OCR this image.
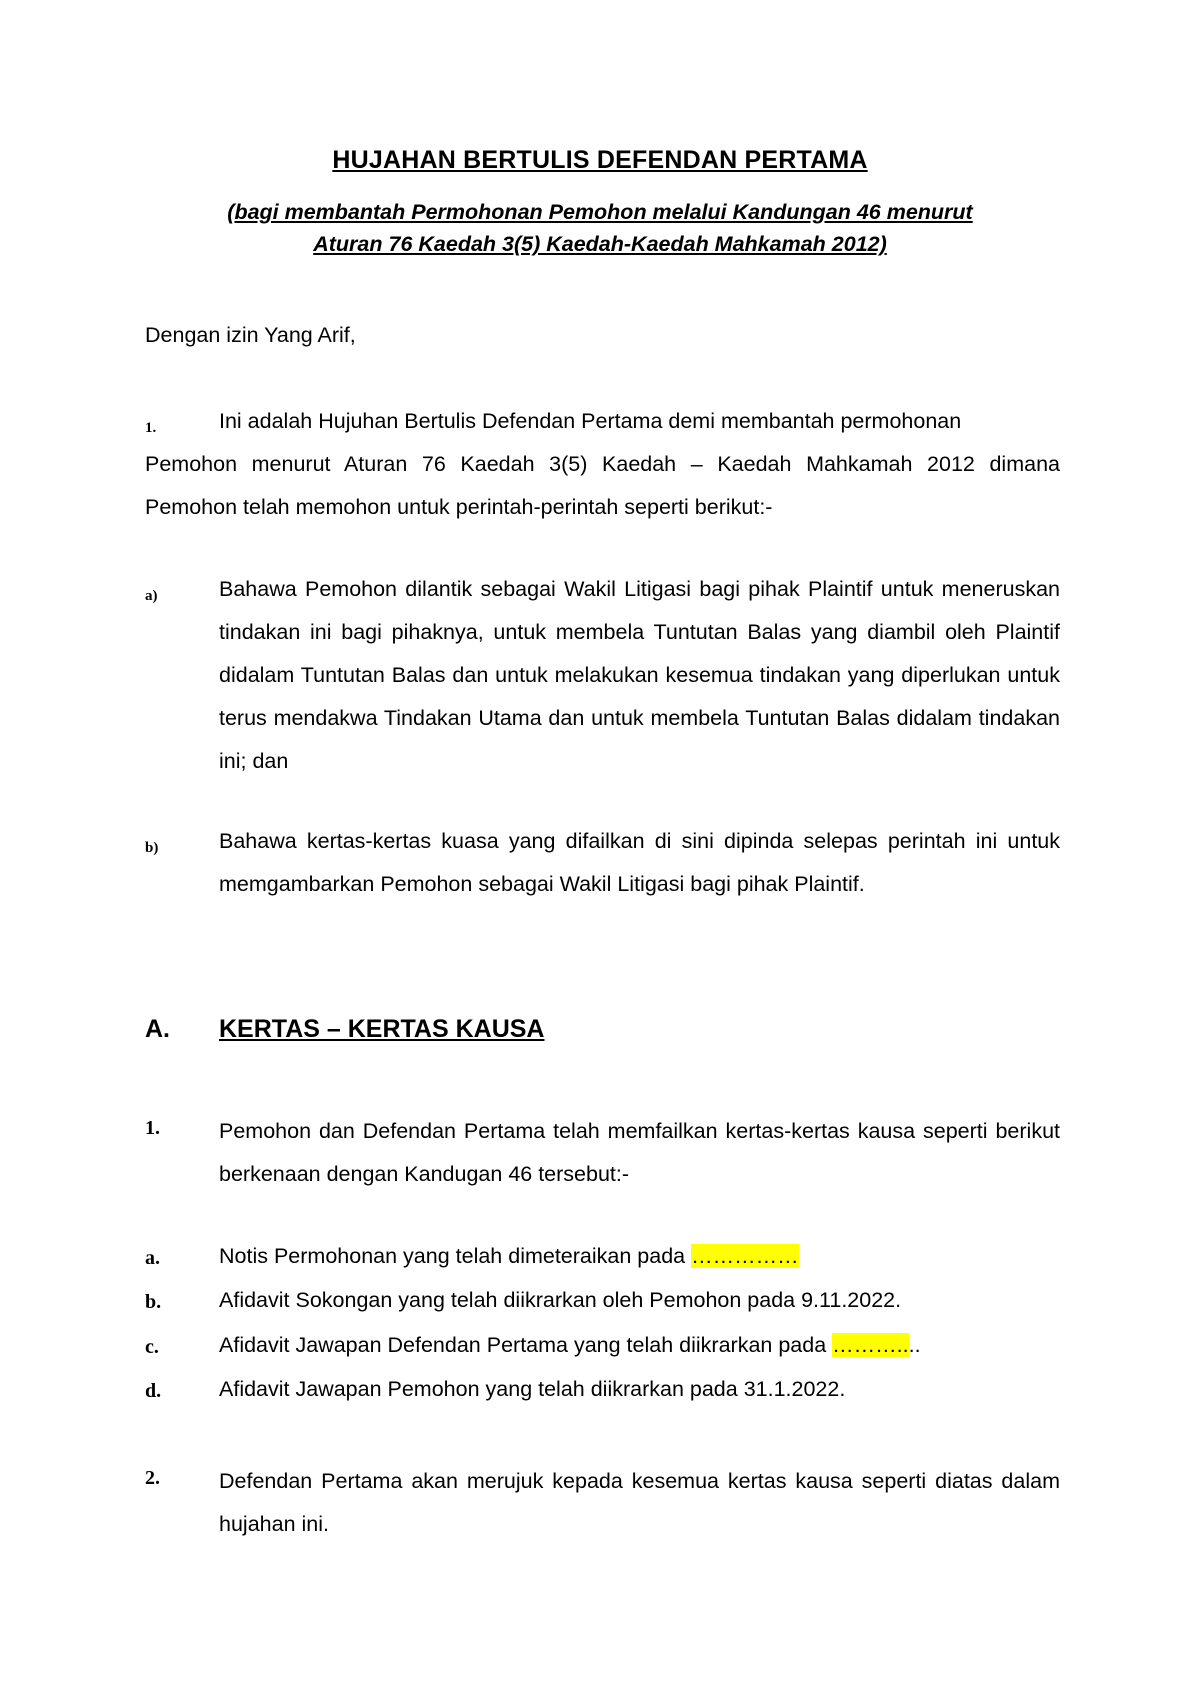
HUJAHAN BERTULIS DEFENDAN PERTAMA
(bagi membantah Permohonan Pemohon melalui Kandungan 46 menurut
Aturan 76 Kaedah 3(5) Kaedah-Kaedah Mahkamah 2012)
Dengan izin Yang Arif,
1.	Ini adalah Hujuhan Bertulis Defendan Pertama demi membantah permohonan
Pemohon menurut Aturan 76 Kaedah 3(5) Kaedah – Kaedah Mahkamah 2012 dimana Pemohon telah memohon untuk perintah-perintah seperti berikut:-
a)	Bahawa Pemohon dilantik sebagai Wakil Litigasi bagi pihak Plaintif untuk meneruskan tindakan ini bagi pihaknya, untuk membela Tuntutan Balas yang diambil oleh Plaintif didalam Tuntutan Balas dan untuk melakukan kesemua tindakan yang diperlukan untuk terus mendakwa Tindakan Utama dan untuk membela Tuntutan Balas didalam tindakan ini; dan
b)	Bahawa kertas-kertas kuasa yang difailkan di sini dipinda selepas perintah ini untuk memgambarkan Pemohon sebagai Wakil Litigasi bagi pihak Plaintif.
A. KERTAS – KERTAS KAUSA
1.	Pemohon dan Defendan Pertama telah memfailkan kertas-kertas kausa seperti berikut berkenaan dengan Kandugan 46 tersebut:-
a.	Notis Permohonan yang telah dimeteraikan pada ……………
b.	Afidavit Sokongan yang telah diikrarkan oleh Pemohon pada 9.11.2022.
c.	Afidavit Jawapan Defendan Pertama yang telah diikrarkan pada ………....
d.	Afidavit Jawapan Pemohon yang telah diikrarkan pada 31.1.2022.
2.	Defendan Pertama akan merujuk kepada kesemua kertas kausa seperti diatas dalam hujahan ini.
